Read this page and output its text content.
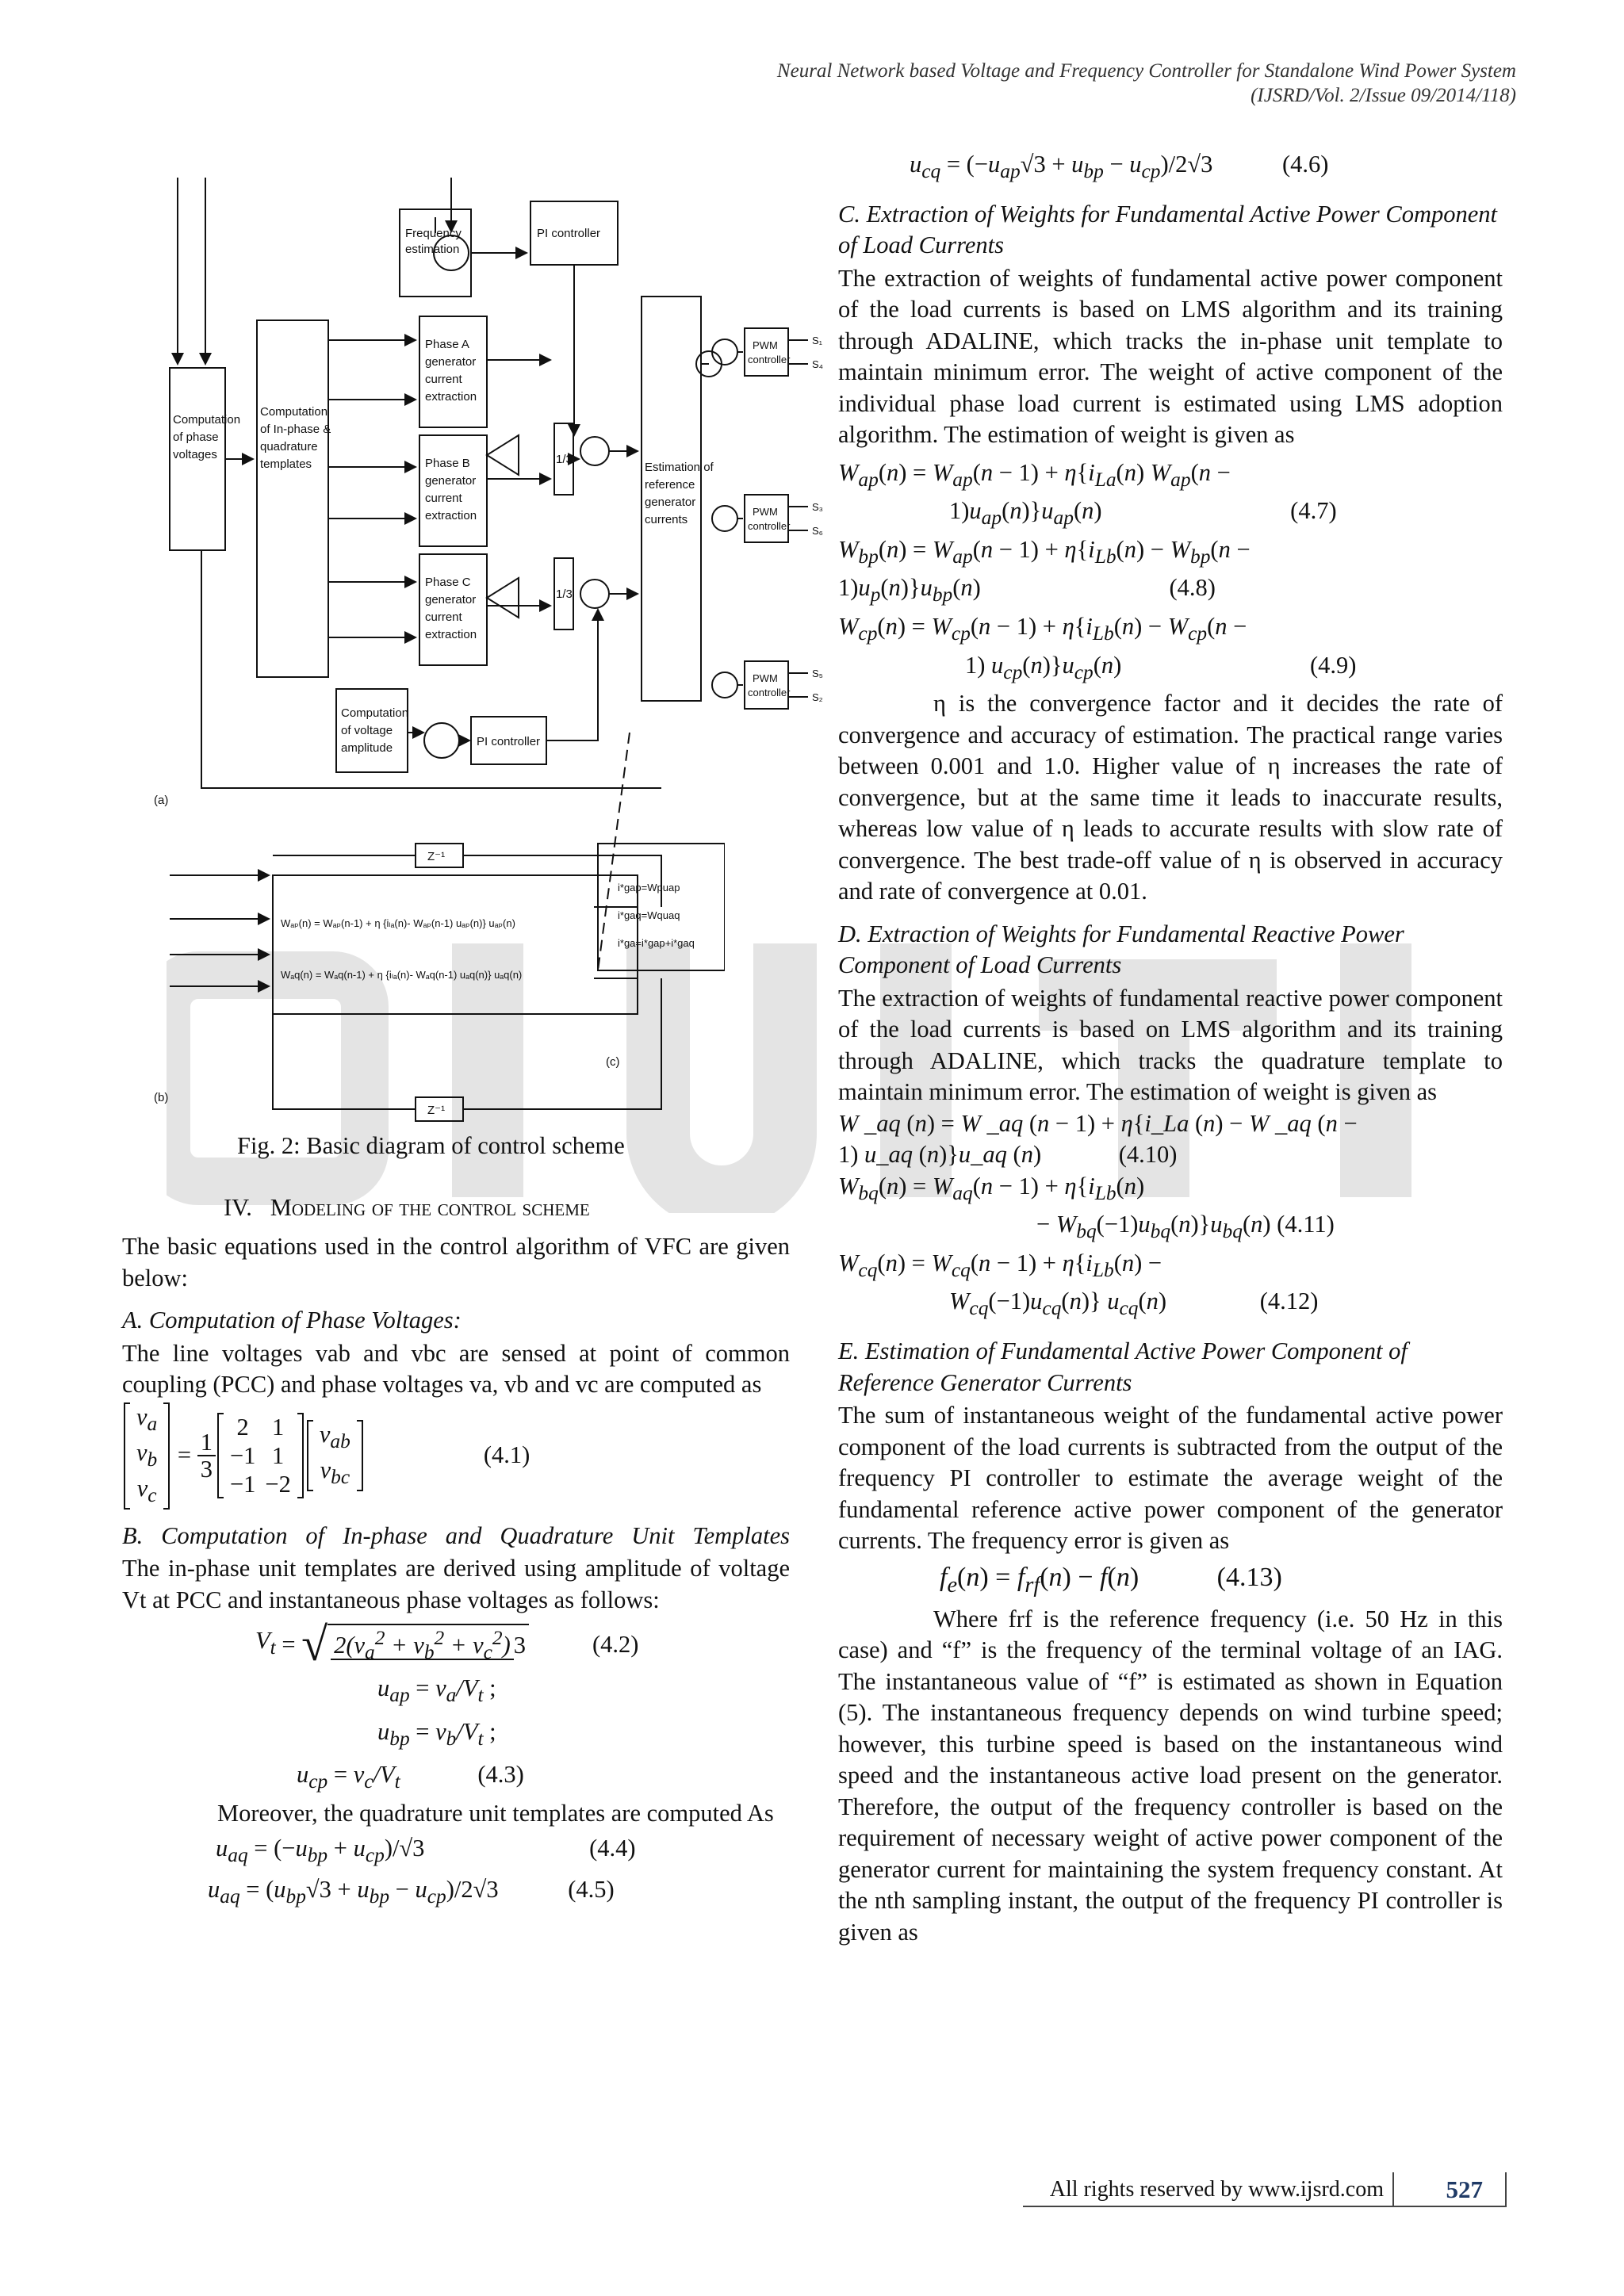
Neural Network based Voltage and Frequency Controller for Standalone Wind Power System
(IJSRD/Vol. 2/Issue 09/2014/118)
Frequency
estimation
PI controller
Computation
of phase
voltages
Computation
of In-phase &
quadrature
templates
Phase A
generator
current
extraction
Phase B
generator
current
extraction
Phase C
generator
current
extraction
Estimation of
reference
generator
currents
Computation
of voltage
amplitude	PI controller
1/3
1/3
(a)
(b)
(c)
Z⁻¹
Z⁻¹
Wₐₚ(n) = Wₐₚ(n-1) + η {iₗₐ(n)- Wₐₚ(n-1) uₐₚ(n)} uₐₚ(n)
Wₐq(n) = Wₐq(n-1) + η {iₗₐ(n)- Wₐq(n-1) uₐq(n)} uₐq(n)
i*gap=Wpuap
i*gaq=Wquaq
i*ga=i*gap+i*gaq
PWM
controller
PWM
controller
PWM
controller
S₁
S₄
S₃
S₆
S₅
S₂

Fig. 2: Basic diagram of control scheme

IV. Modeling of the control scheme

The basic equations used in the control algorithm of VFC are given below:

A. Computation of Phase Voltages:

The line voltages vab and vbc are sensed at point of common coupling (PCC) and phase voltages va, vb and vc are computed as

$v_a$
$v_b$
$v_c$
= $\frac{1}{3}$
2
−1
−1
1
1
−2
$v_{ab}$
$v_{bc}$
(4.1)

B. Computation of In-phase and Quadrature Unit Templates

The in-phase unit templates are derived using amplitude of voltage Vt at PCC and instantaneous phase voltages as follows:

$V_t$ = √ $2(v_a^2 + v_b^2 + v_c^2)$ 3	(4.2)
$u_{ap} = v_a/V_t$ ;
$u_{bp} = v_b/V_t$ ;
$u_{cp} = v_c/V_t$	(4.3)

Moreover, the quadrature unit templates are computed As

$u_{aq} = (-u_{bp} + u_{cp})/√3$	(4.4)
$u_{aq} = (u_{bp}√3 + u_{bp} - u_{cp})/2√3$	(4.5)
$u_{cq} = (-u_{ap}√3 + u_{bp} - u_{cp})/2√3$	(4.6)

C. Extraction of Weights for Fundamental Active Power Component of Load Currents

The extraction of weights of fundamental active power component of the load currents is based on LMS algorithm and its training through ADALINE, which tracks the in-phase unit template to maintain minimum error. The weight of active component of the individual phase load current is estimated using LMS adoption algorithm. The estimation of weight is given as

$W_{ap}(n) = W_{ap}(n - 1) + \eta\{i_{La}(n) W_{ap}(n$ −
$1)u_{ap}(n)\}u_{ap}(n)$	(4.7)
$W_{bp}(n) = W_{ap}(n - 1) + \eta\{i_{Lb}(n) - W_{bp}(n$ −
$1)u_p(n)\}u_{bp}(n)$	(4.8)
$W_{cp}(n) = W_{cp}(n - 1) + \eta\{i_{Lb}(n) - W_{cp}(n$ −
1) $u_{cp}(n)\}u_{cp}(n)$	(4.9)

η is the convergence factor and it decides the rate of convergence and accuracy of estimation. The practical range varies between 0.001 and 1.0. Higher value of η increases the rate of convergence, but at the same time it leads to inaccurate results, whereas low value of η leads to accurate results with slow rate of convergence. The best trade-off value of η is observed in accuracy and rate of convergence at 0.01.

D. Extraction of Weights for Fundamental Reactive Power Component of Load Currents

The extraction of weights of fundamental reactive power component of the load currents is based on LMS algorithm and its training through ADALINE, which tracks the quadrature template to maintain minimum error. The estimation of weight is given as

W _aq (n) = W _aq (n − 1) + η{i_La (n) − W _aq (n −
1) u_aq (n)}u_aq (n)	(4.10)
$W_{bq}(n) = W_{aq}(n - 1) + \eta\{i_{Lb}(n)$
− $W_{bq}(-1)u_{bq}(n)\}u_{bq}(n)$ (4.11)
$W_{cq}(n) = W_{cq}(n - 1) + \eta\{i_{Lb}(n)$ −
$W_{cq}(-1)u_{cq}(n)$} $u_{cq}(n)$	(4.12)

E. Estimation of Fundamental Active Power Component of Reference Generator Currents

The sum of instantaneous weight of the fundamental active power component of the load currents is subtracted from the output of the frequency PI controller to estimate the average weight of the fundamental reference active power component of the generator currents. The frequency error is given as

$f_e(n) = f_{rf}(n) - f(n)$	(4.13)

Where frf is the reference frequency (i.e. 50 Hz in this case) and “f” is the frequency of the terminal voltage of an IAG. The instantaneous value of “f” is estimated as shown in Equation (5). The instantaneous frequency depends on wind turbine speed; however, this turbine speed is based on the instantaneous wind speed and the instantaneous active load present on the generator. Therefore, the output of the frequency controller is based on the requirement of necessary weight of active power component of the generator current for maintaining the system frequency constant. At the nth sampling instant, the output of the frequency PI controller is given as

All rights reserved by www.ijsrd.com	527
